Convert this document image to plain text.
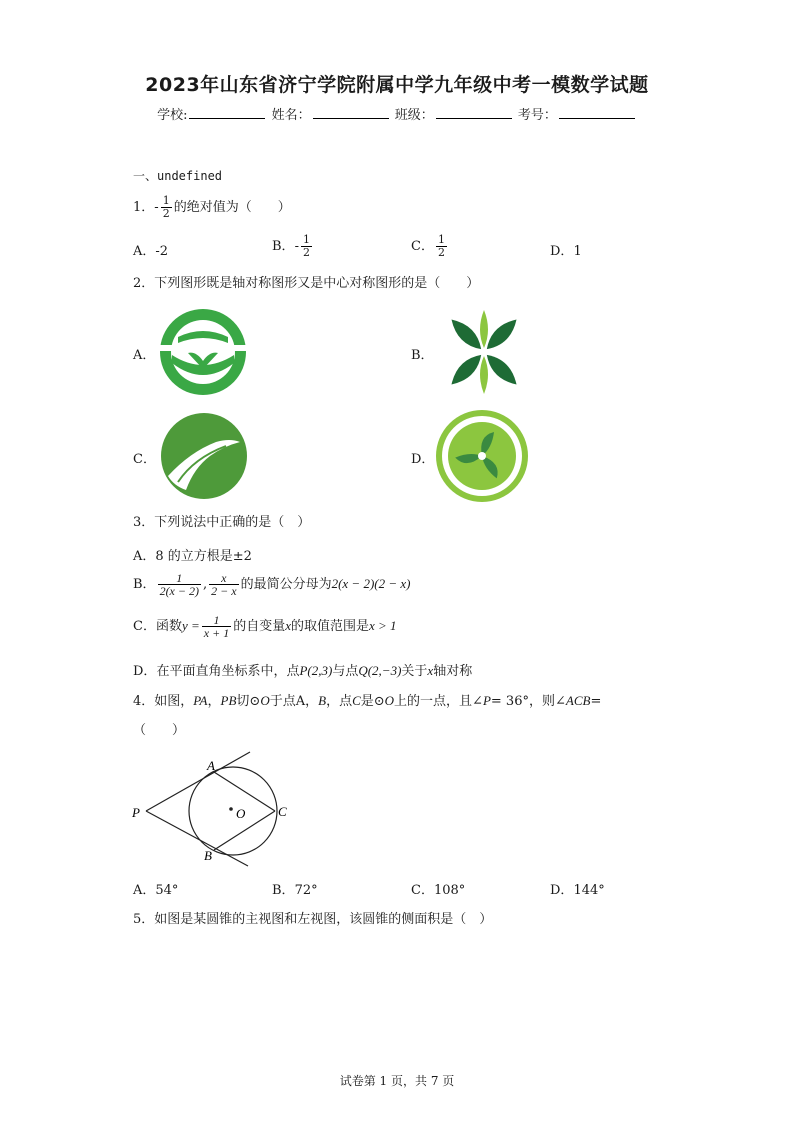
2023年山东省济宁学院附属中学九年级中考一模数学试题
学校:	姓名：	班级：	考号：
一、undefined
1．- $\frac{1}{2}$ 的绝对值为（　　）
A．-2	B．- $\frac{1}{2}$	C． $\frac{1}{2}$	D．1
2．下列图形既是轴对称图形又是中心对称图形的是（　　）
A．	B．
C．	D．
3．下列说法中正确的是（　）
A．8 的立方根是±2
B． $\frac{1}{2(x - 2)}$ , $\frac{x}{2 - x}$ 的最简公分母为2(x − 2)(2 − x)
C．函数$y = \frac{1}{x + 1}$ 的自变量x的取值范围是x > 1
D．在平面直角坐标系中，点P(2,3)与点Q(2,−3)关于x轴对称
4．如图，PA，PB切⊙O于点A，B，点C是⊙O上的一点，且∠P= 36°，则∠ACB=
（　　）
A
P	O	C
B
A．54°	B．72°	C．108°	D．144°
5．如图是某圆锥的主视图和左视图，该圆锥的侧面积是（　）
试卷第 1 页，共 7 页
